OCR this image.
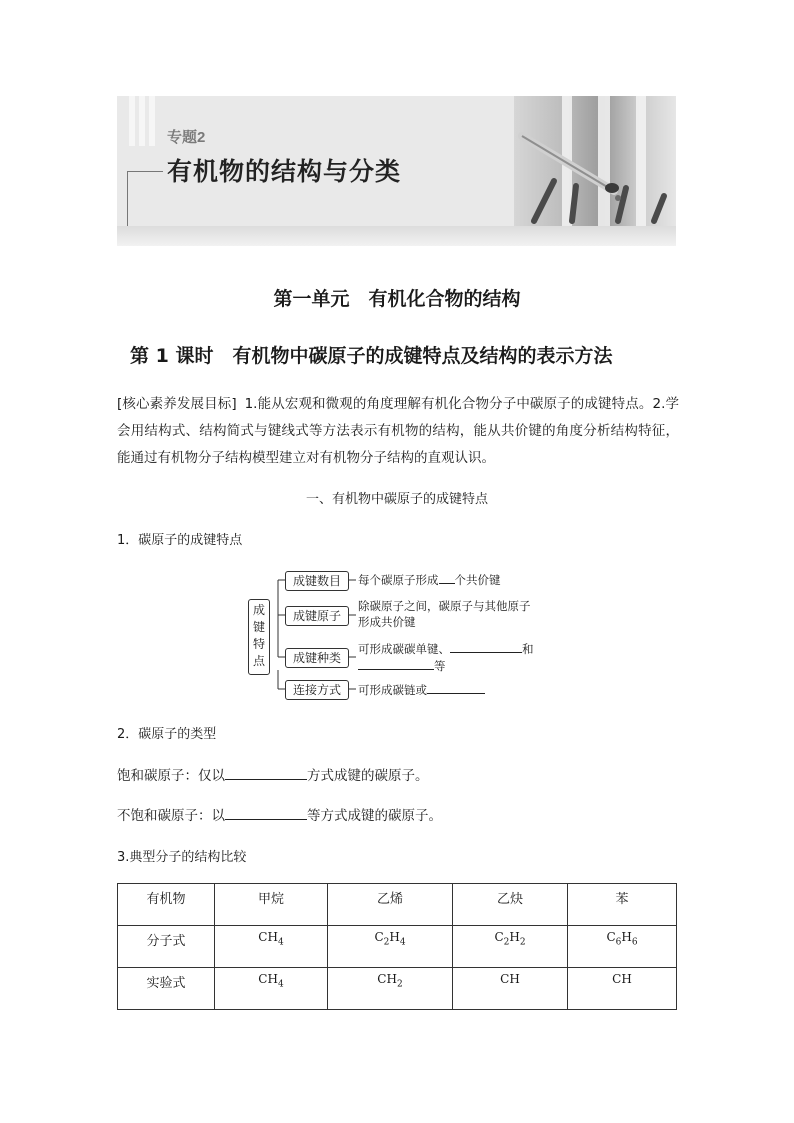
专题2
有机物的结构与分类
第一单元　有机化合物的结构
第 1 课时　有机物中碳原子的成键特点及结构的表示方法
[核心素养发展目标] 1.能从宏观和微观的角度理解有机化合物分子中碳原子的成键特点。2.学会用结构式、结构简式与键线式等方法表示有机物的结构，能从共价键的角度分析结构特征，能通过有机物分子结构模型建立对有机物分子结构的直观认识。
一、有机物中碳原子的成键特点
1．碳原子的成键特点
成
键
特
点
成键数目
成键原子
成键种类
连接方式
每个碳原子形成 个共价键
除碳原子之间，碳原子与其他原子
形成共价键
可形成碳碳单键、	和
等
可形成碳链或
2．碳原子的类型
饱和碳原子：仅以	方式成键的碳原子。
不饱和碳原子：以	等方式成键的碳原子。
3.典型分子的结构比较
有机物	甲烷	乙烯	乙炔	苯
分子式	$CH_4$	$C_2H_4$	$C_2H_2$	$C_6H_6$
实验式	$CH_4$	$CH_2$	CH	CH
